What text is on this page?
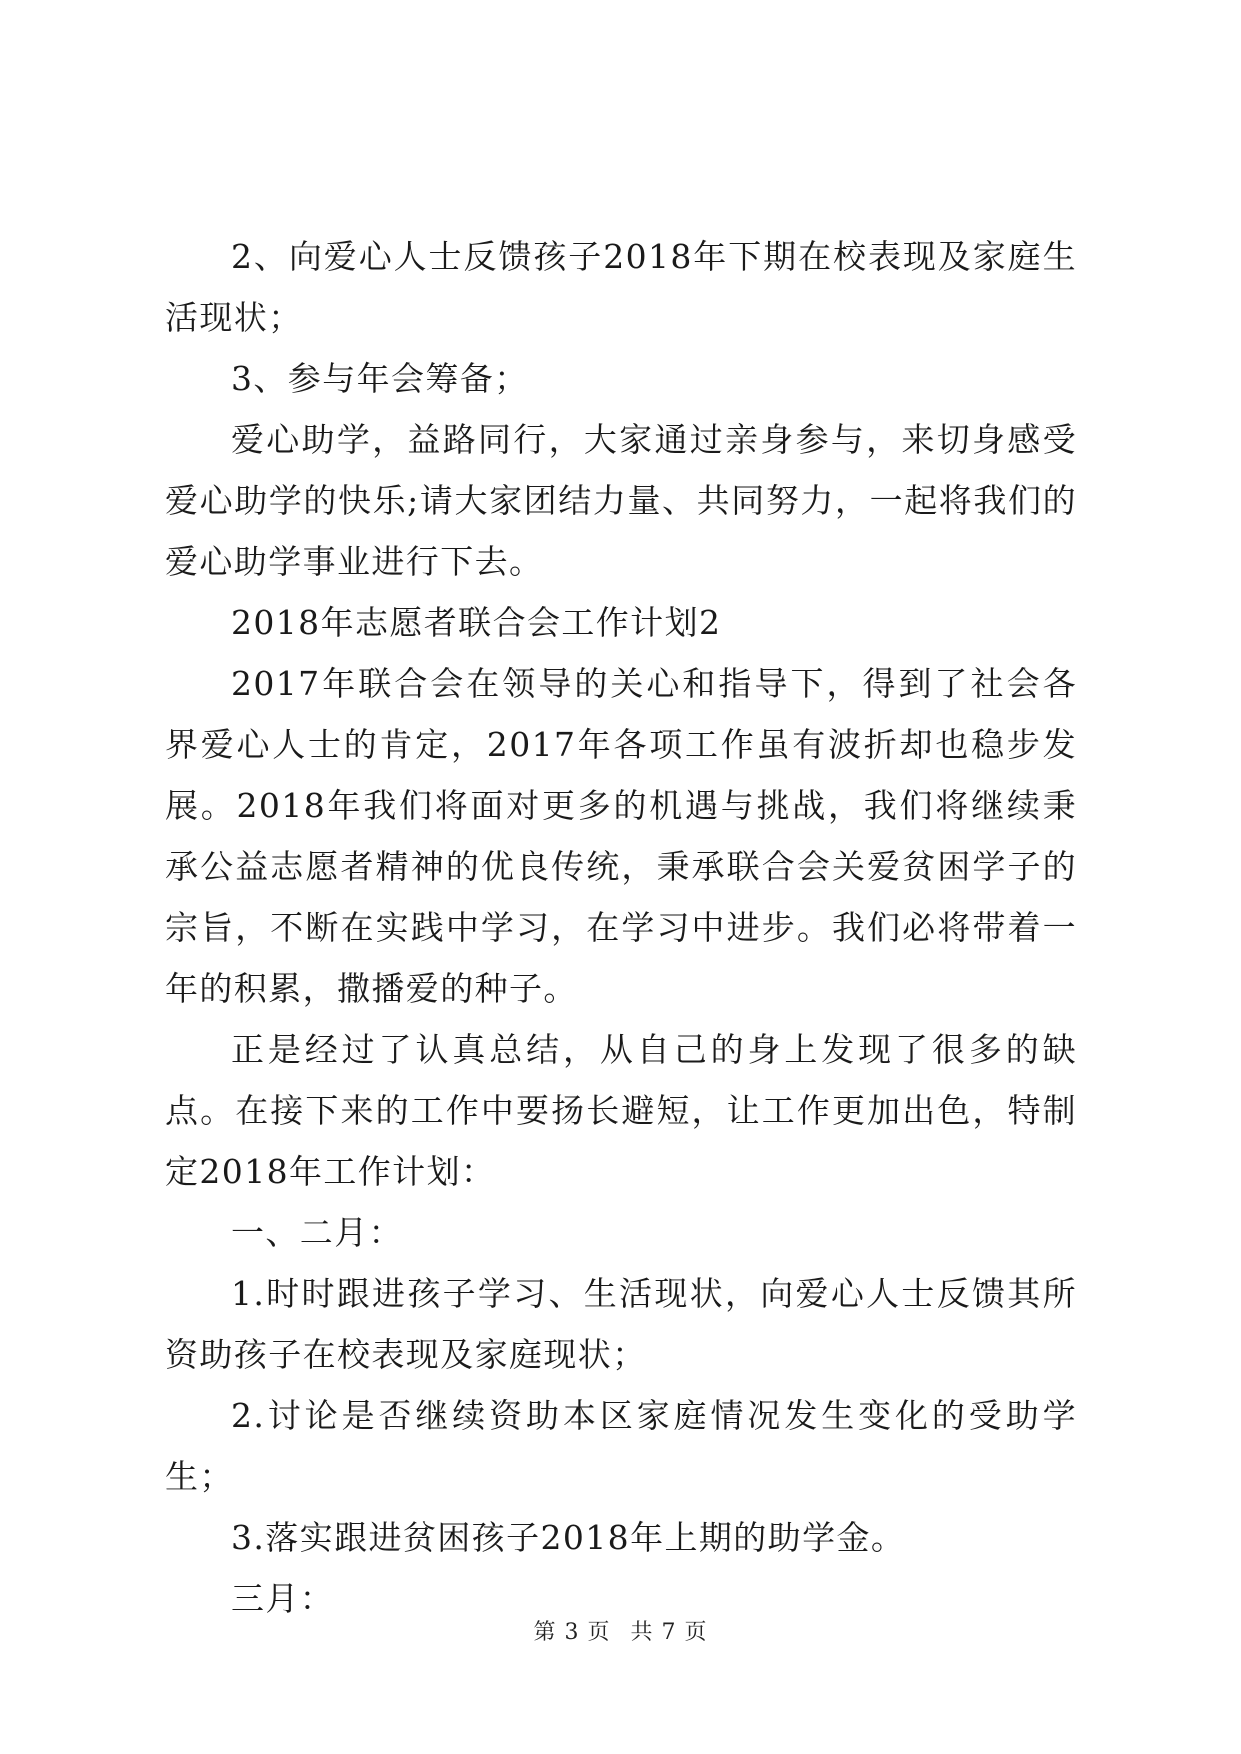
2、向爱心人士反馈孩子2018年下期在校表现及家庭生活现状；

3、参与年会筹备；

爱心助学，益路同行，大家通过亲身参与，来切身感受爱心助学的快乐;请大家团结力量、共同努力，一起将我们的爱心助学事业进行下去。

2018年志愿者联合会工作计划2

2017年联合会在领导的关心和指导下，得到了社会各界爱心人士的肯定，2017年各项工作虽有波折却也稳步发展。2018年我们将面对更多的机遇与挑战，我们将继续秉承公益志愿者精神的优良传统，秉承联合会关爱贫困学子的宗旨，不断在实践中学习，在学习中进步。我们必将带着一年的积累，撒播爱的种子。

正是经过了认真总结，从自己的身上发现了很多的缺点。在接下来的工作中要扬长避短，让工作更加出色，特制定2018年工作计划：

一、二月：

1.时时跟进孩子学习、生活现状，向爱心人士反馈其所资助孩子在校表现及家庭现状；

2.讨论是否继续资助本区家庭情况发生变化的受助学生；

3.落实跟进贫困孩子2018年上期的助学金。

三月：

第 3 页 共 7 页
